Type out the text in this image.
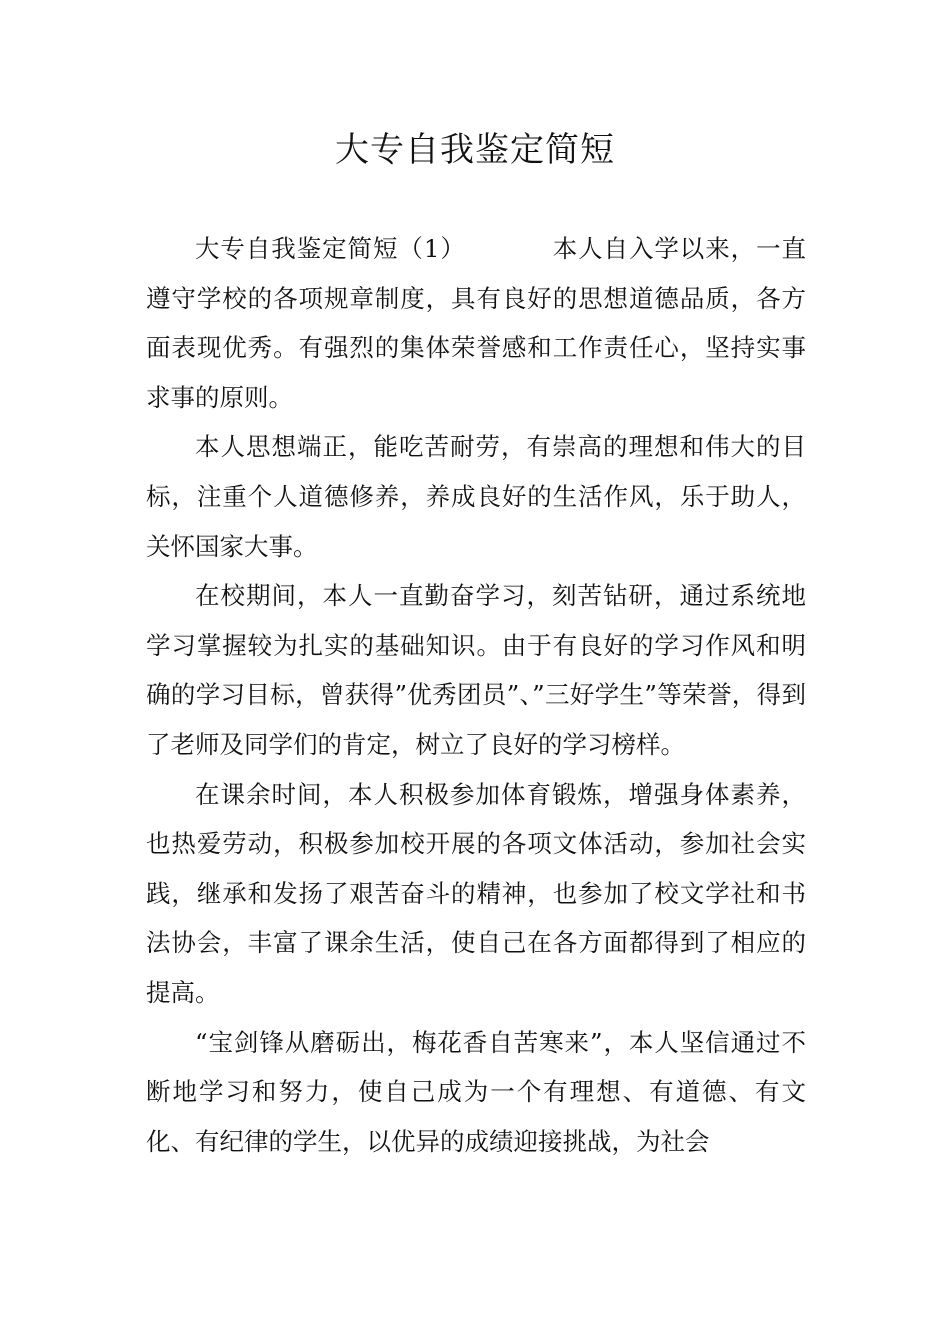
大专自我鉴定简短

大专自我鉴定简短（1）	本人自入学以来，一直遵守学校的各项规章制度，具有良好的思想道德品质，各方面表现优秀。有强烈的集体荣誉感和工作责任心，坚持实事求事的原则。

本人思想端正，能吃苦耐劳，有崇高的理想和伟大的目标，注重个人道德修养，养成良好的生活作风，乐于助人，关怀国家大事。

在校期间，本人一直勤奋学习，刻苦钻研，通过系统地学习掌握较为扎实的基础知识。由于有良好的学习作风和明确的学习目标，曾获得”优秀团员”、”三好学生”等荣誉，得到了老师及同学们的肯定，树立了良好的学习榜样。

在课余时间，本人积极参加体育锻炼，增强身体素养，也热爱劳动，积极参加校开展的各项文体活动，参加社会实践，继承和发扬了艰苦奋斗的精神，也参加了校文学社和书法协会，丰富了课余生活，使自己在各方面都得到了相应的提高。

“宝剑锋从磨砺出，梅花香自苦寒来”，本人坚信通过不断地学习和努力，使自己成为一个有理想、有道德、有文化、有纪律的学生，以优异的成绩迎接挑战，为社会
